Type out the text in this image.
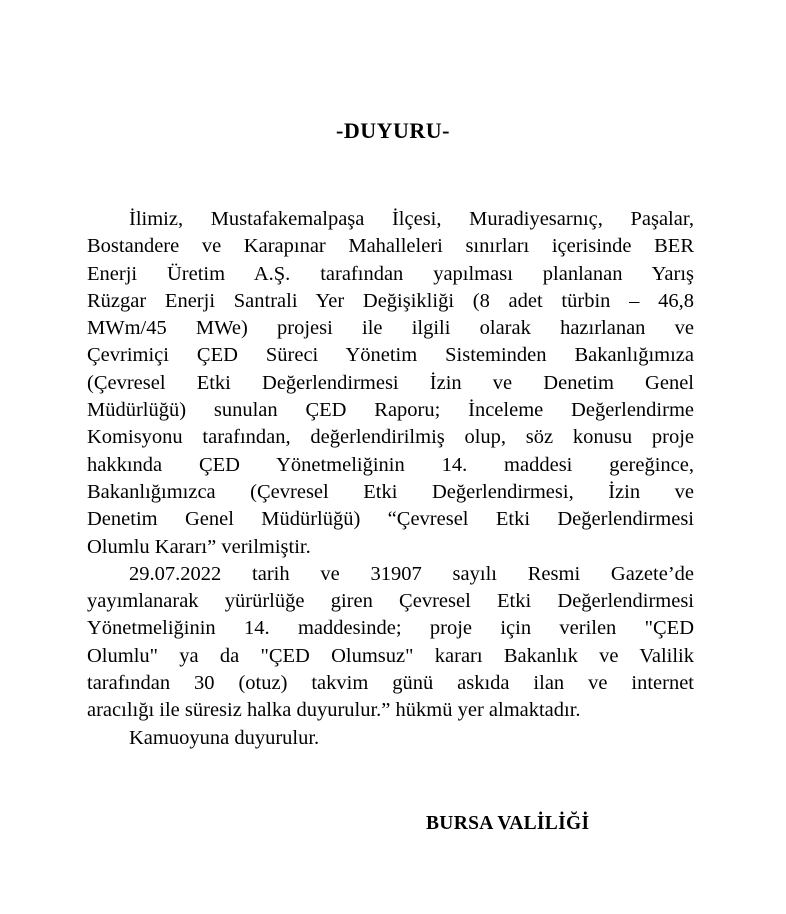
-DUYURU-
İlimiz, Mustafakemalpaşa İlçesi, Muradiyesarnıç, Paşalar,
Bostandere ve Karapınar Mahalleleri sınırları içerisinde BER
Enerji Üretim A.Ş. tarafından yapılması planlanan Yarış
Rüzgar Enerji Santrali Yer Değişikliği (8 adet türbin – 46,8
MWm/45 MWe) projesi ile ilgili olarak hazırlanan ve
Çevrimiçi ÇED Süreci Yönetim Sisteminden Bakanlığımıza
(Çevresel Etki Değerlendirmesi İzin ve Denetim Genel
Müdürlüğü) sunulan ÇED Raporu; İnceleme Değerlendirme
Komisyonu tarafından, değerlendirilmiş olup, söz konusu proje
hakkında ÇED Yönetmeliğinin 14. maddesi gereğince,
Bakanlığımızca (Çevresel Etki Değerlendirmesi, İzin ve
Denetim Genel Müdürlüğü) “Çevresel Etki Değerlendirmesi
Olumlu Kararı” verilmiştir.
29.07.2022 tarih ve 31907 sayılı Resmi Gazete’de
yayımlanarak yürürlüğe giren Çevresel Etki Değerlendirmesi
Yönetmeliğinin 14. maddesinde; proje için verilen "ÇED
Olumlu" ya da "ÇED Olumsuz" kararı Bakanlık ve Valilik
tarafından 30 (otuz) takvim günü askıda ilan ve internet
aracılığı ile süresiz halka duyurulur.” hükmü yer almaktadır.
Kamuoyuna duyurulur.

BURSA VALİLİĞİ
